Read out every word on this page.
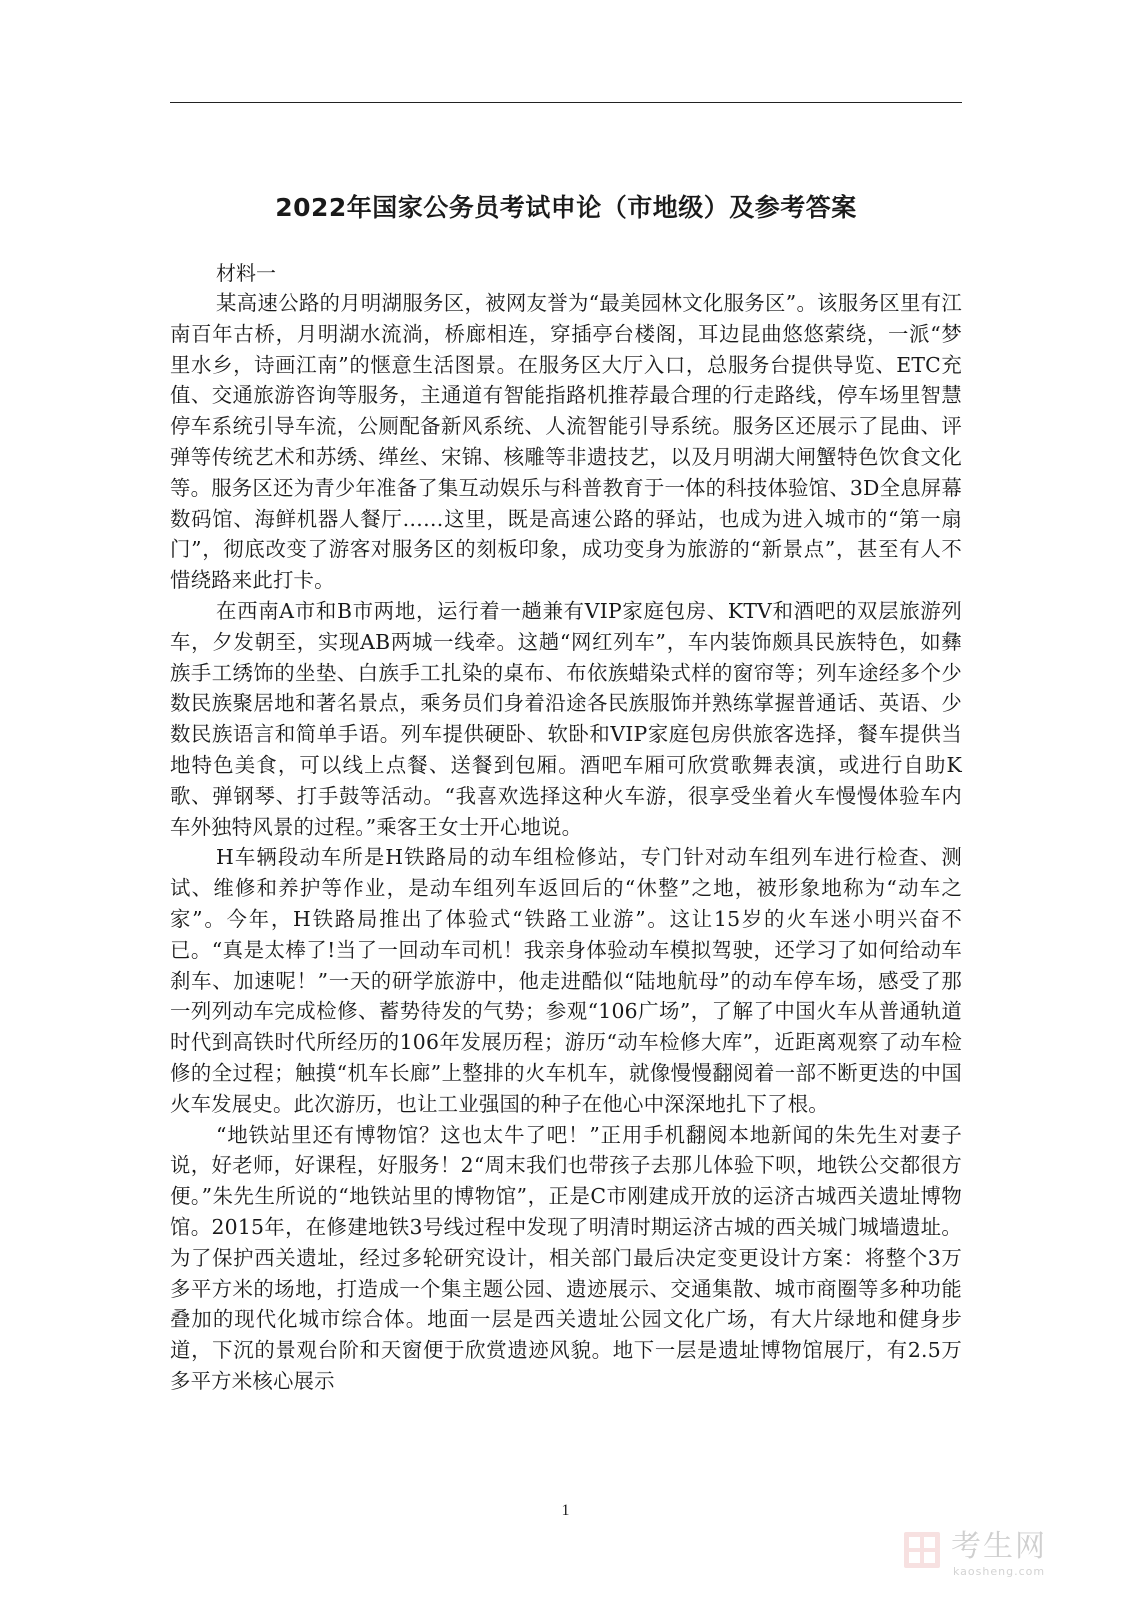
2022年国家公务员考试申论（市地级）及参考答案

材料一

某高速公路的月明湖服务区，被网友誉为“最美园林文化服务区”。该服务区里有江南百年古桥，月明湖水流淌，桥廊相连，穿插亭台楼阁，耳边昆曲悠悠萦绕，一派“梦里水乡，诗画江南”的惬意生活图景。在服务区大厅入口，总服务台提供导览、ETC充值、交通旅游咨询等服务，主通道有智能指路机推荐最合理的行走路线，停车场里智慧停车系统引导车流，公厕配备新风系统、人流智能引导系统。服务区还展示了昆曲、评弹等传统艺术和苏绣、缂丝、宋锦、核雕等非遗技艺，以及月明湖大闸蟹特色饮食文化等。服务区还为青少年准备了集互动娱乐与科普教育于一体的科技体验馆、3D全息屏幕数码馆、海鲜机器人餐厅……这里，既是高速公路的驿站，也成为进入城市的“第一扇门”，彻底改变了游客对服务区的刻板印象，成功变身为旅游的“新景点”，甚至有人不惜绕路来此打卡。

在西南A市和B市两地，运行着一趟兼有VIP家庭包房、KTV和酒吧的双层旅游列车，夕发朝至，实现AB两城一线牵。这趟“网红列车”，车内装饰颇具民族特色，如彝族手工绣饰的坐垫、白族手工扎染的桌布、布依族蜡染式样的窗帘等；列车途经多个少数民族聚居地和著名景点，乘务员们身着沿途各民族服饰并熟练掌握普通话、英语、少数民族语言和简单手语。列车提供硬卧、软卧和VIP家庭包房供旅客选择，餐车提供当地特色美食，可以线上点餐、送餐到包厢。酒吧车厢可欣赏歌舞表演，或进行自助K歌、弹钢琴、打手鼓等活动。“我喜欢选择这种火车游，很享受坐着火车慢慢体验车内车外独特风景的过程。”乘客王女士开心地说。

H车辆段动车所是H铁路局的动车组检修站，专门针对动车组列车进行检查、测试、维修和养护等作业，是动车组列车返回后的“休整”之地，被形象地称为“动车之家”。今年，H铁路局推出了体验式“铁路工业游”。这让15岁的火车迷小明兴奋不已。“真是太棒了!当了一回动车司机！我亲身体验动车模拟驾驶，还学习了如何给动车刹车、加速呢！”一天的研学旅游中，他走进酷似“陆地航母”的动车停车场，感受了那一列列动车完成检修、蓄势待发的气势；参观“106广场”，了解了中国火车从普通轨道时代到高铁时代所经历的106年发展历程；游历“动车检修大库”，近距离观察了动车检修的全过程；触摸“机车长廊”上整排的火车机车，就像慢慢翻阅着一部不断更迭的中国火车发展史。此次游历，也让工业强国的种子在他心中深深地扎下了根。

“地铁站里还有博物馆？这也太牛了吧！”正用手机翻阅本地新闻的朱先生对妻子说，好老师，好课程，好服务！2“周末我们也带孩子去那儿体验下呗，地铁公交都很方便。”朱先生所说的“地铁站里的博物馆”，正是C市刚建成开放的运济古城西关遗址博物馆。2015年，在修建地铁3号线过程中发现了明清时期运济古城的西关城门城墙遗址。为了保护西关遗址，经过多轮研究设计，相关部门最后决定变更设计方案：将整个3万多平方米的场地，打造成一个集主题公园、遗迹展示、交通集散、城市商圈等多种功能叠加的现代化城市综合体。地面一层是西关遗址公园文化广场，有大片绿地和健身步道，下沉的景观台阶和天窗便于欣赏遗迹风貌。地下一层是遗址博物馆展厅，有2.5万多平方米核心展示

1
考生网
kaosheng.com
